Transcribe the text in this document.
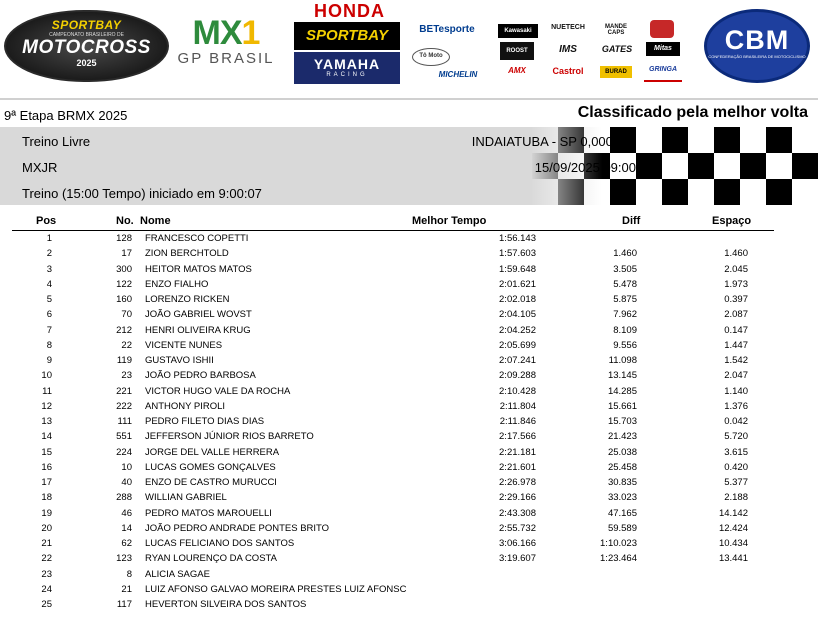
SPORTBAY
CAMPEONATO BRASILEIRO DE
MOTOCROSS
2025
MX1
GP BRASIL
HONDA
SPORTBAY
YAMAHA
RACING
BETesporte
Tô Moto
MICHELIN
Kawasaki
ROOST
AMX
NUETECH
IMS
Castrol
MANDE CAPS
GATES
BURAD
Mitas
GRINGA
CBM
CONFEDERAÇÃO BRASILEIRA DE MOTOCICLISMO
9ª Etapa BRMX 2025	Classificado pela melhor volta
Treino Livre	INDAIATUBA - SP 0,000 Km
MXJR	15/09/2025 09:00
Treino (15:00 Tempo) iniciado em 9:00:07
Pos	No. Nome	Melhor Tempo	Diff	Espaço
1	128 FRANCESCO COPETTI	1:56.143
2	17 ZION BERCHTOLD	1:57.603	1.460	1.460
3	300 HEITOR MATOS MATOS	1:59.648	3.505	2.045
4	122 ENZO FIALHO	2:01.621	5.478	1.973
5	160 LORENZO RICKEN	2:02.018	5.875	0.397
6	70 JOÃO GABRIEL WOVST	2:04.105	7.962	2.087
7	212 HENRI OLIVEIRA KRUG	2:04.252	8.109	0.147
8	22 VICENTE NUNES	2:05.699	9.556	1.447
9	119 GUSTAVO ISHII	2:07.241	11.098	1.542
10	23 JOÃO PEDRO BARBOSA	2:09.288	13.145	2.047
11	221 VICTOR HUGO VALE DA ROCHA	2:10.428	14.285	1.140
12	222 ANTHONY PIROLI	2:11.804	15.661	1.376
13	111 PEDRO FILETO DIAS DIAS	2:11.846	15.703	0.042
14	551 JEFFERSON JÚNIOR RIOS BARRETO	2:17.566	21.423	5.720
15	224 JORGE DEL VALLE HERRERA	2:21.181	25.038	3.615
16	10 LUCAS GOMES GONÇALVES	2:21.601	25.458	0.420
17	40 ENZO DE CASTRO MURUCCI	2:26.978	30.835	5.377
18	288 WILLIAN GABRIEL	2:29.166	33.023	2.188
19	46 PEDRO MATOS MAROUELLI	2:43.308	47.165	14.142
20	14 JOÃO PEDRO ANDRADE PONTES BRITO	2:55.732	59.589	12.424
21	62 LUCAS FELICIANO DOS SANTOS	3:06.166	1:10.023	10.434
22	123 RYAN LOURENÇO DA COSTA	3:19.607	1:23.464	13.441
23	8 ALICIA SAGAE
24	21 LUIZ AFONSO GALVAO MOREIRA PRESTES LUIZ AFONSC
25	117 HEVERTON SILVEIRA DOS SANTOS
